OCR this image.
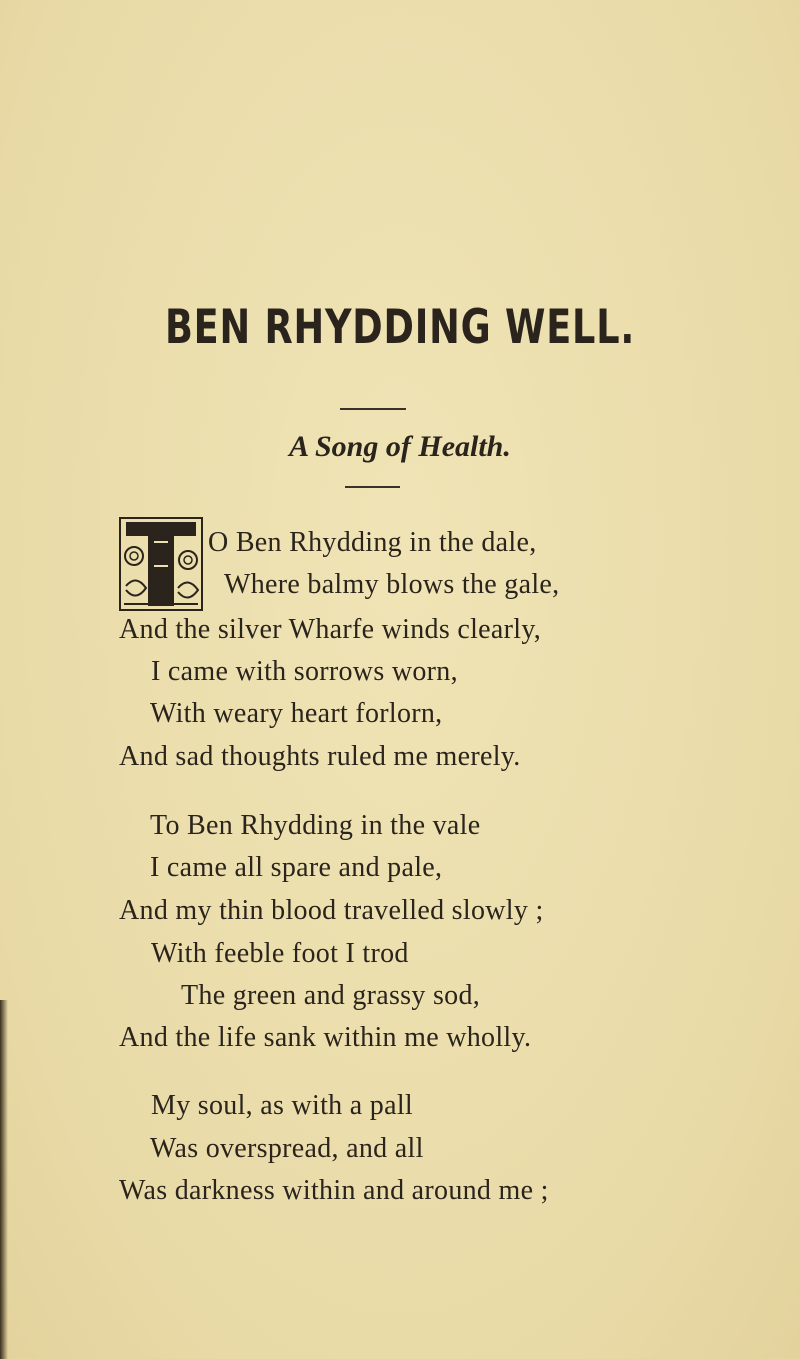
BEN RHYDDING WELL.
A Song of Health.
O Ben Rhydding in the dale,
Where balmy blows the gale,
And the silver Wharfe winds clearly,
I came with sorrows worn,
With weary heart forlorn,
And sad thoughts ruled me merely.
To Ben Rhydding in the vale
I came all spare and pale,
And my thin blood travelled slowly ;
With feeble foot I trod
The green and grassy sod,
And the life sank within me wholly.
My soul, as with a pall
Was overspread, and all
Was darkness within and around me ;
